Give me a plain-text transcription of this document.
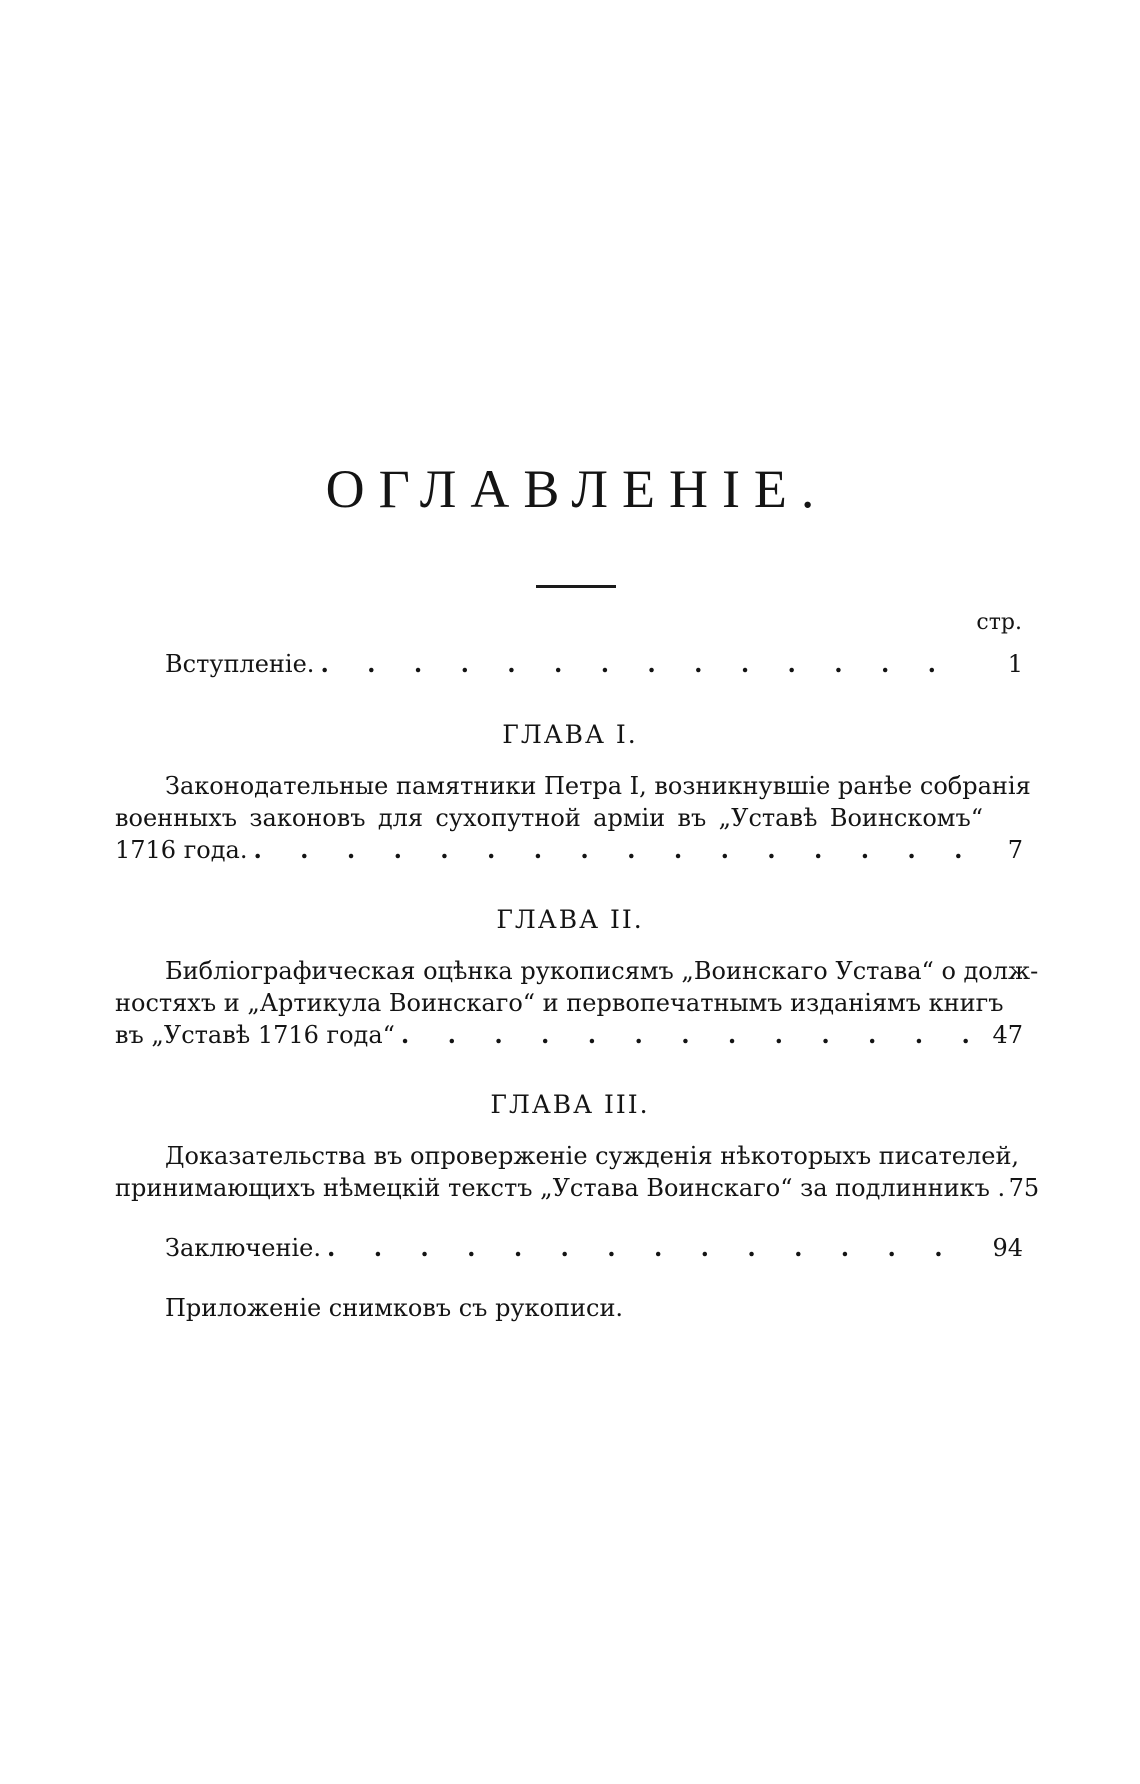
ОГЛАВЛЕНІЕ.
стр.
Вступленіе. . . .	1
ГЛАВА I.
Законодательные памятники Петра I, возникнувшіе ранѣе собранія
военныхъ законовъ для сухопутной арміи въ „Уставѣ Воинскомъ“
1716 года. . . .	7
ГЛАВА II.
Библіографическая оцѣнка рукописямъ „Воинскаго Устава“ о долж-
ностяхъ и „Артикула Воинскаго“ и первопечатнымъ изданіямъ книгъ
въ „Уставѣ 1716 года“ . . .	47
ГЛАВА III.
Доказательства въ опроверженіе сужденія нѣкоторыхъ писателей,
принимающихъ нѣмецкій текстъ „Устава Воинскаго“ за подлинникъ . 75
Заключеніе. . . .	94
Приложеніе снимковъ съ рукописи.
